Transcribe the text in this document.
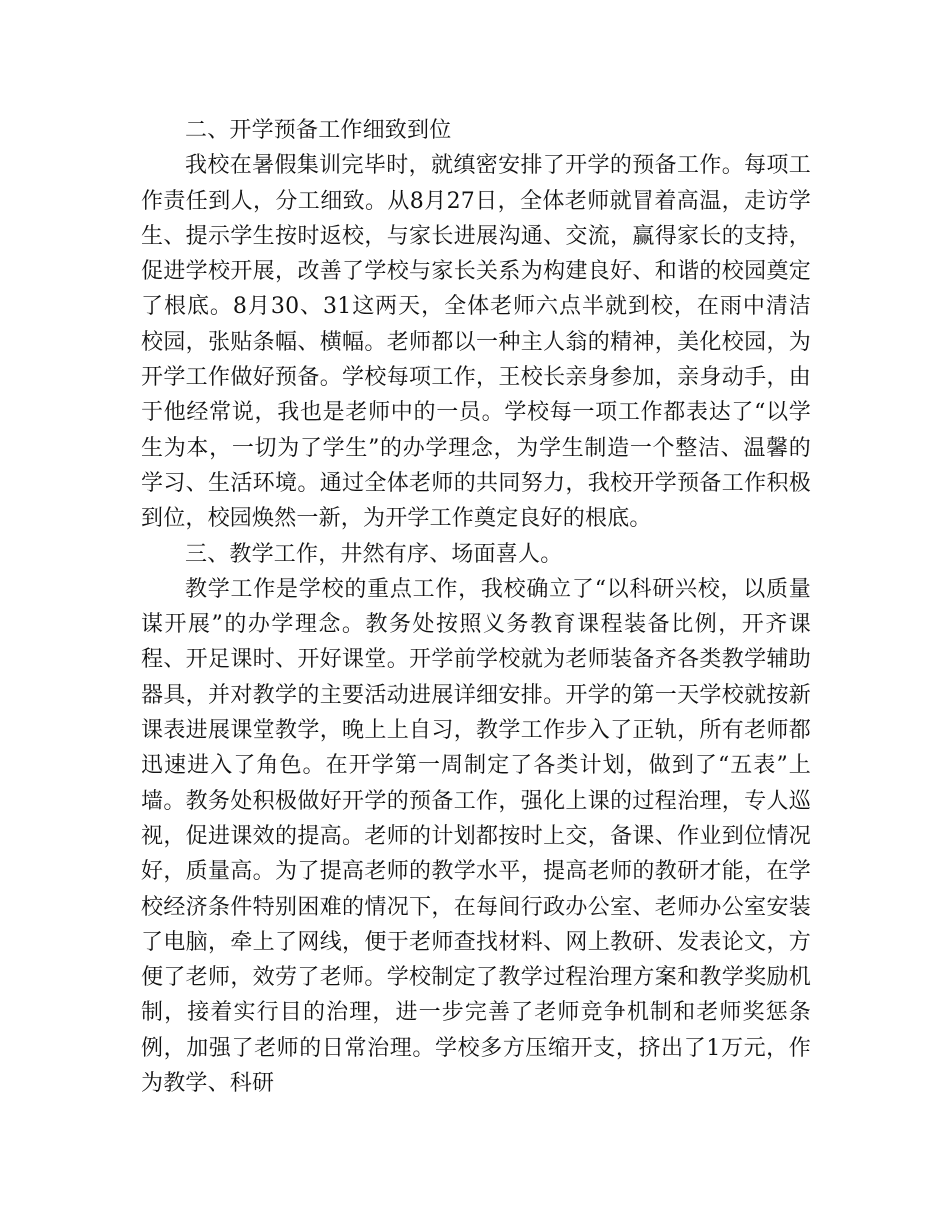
二、开学预备工作细致到位

我校在暑假集训完毕时，就缜密安排了开学的预备工作。每项工作责任到人，分工细致。从8月27日，全体老师就冒着高温，走访学生、提示学生按时返校，与家长进展沟通、交流，赢得家长的支持，促进学校开展，改善了学校与家长关系为构建良好、和谐的校园奠定了根底。8月30、31这两天，全体老师六点半就到校，在雨中清洁校园，张贴条幅、横幅。老师都以一种主人翁的精神，美化校园，为开学工作做好预备。学校每项工作，王校长亲身参加，亲身动手，由于他经常说，我也是老师中的一员。学校每一项工作都表达了“以学生为本，一切为了学生”的办学理念，为学生制造一个整洁、温馨的学习、生活环境。通过全体老师的共同努力，我校开学预备工作积极到位，校园焕然一新，为开学工作奠定良好的根底。

三、教学工作，井然有序、场面喜人。

教学工作是学校的重点工作，我校确立了“以科研兴校，以质量谋开展”的办学理念。教务处按照义务教育课程装备比例，开齐课程、开足课时、开好课堂。开学前学校就为老师装备齐各类教学辅助器具，并对教学的主要活动进展详细安排。开学的第一天学校就按新课表进展课堂教学，晚上上自习，教学工作步入了正轨，所有老师都迅速进入了角色。在开学第一周制定了各类计划，做到了“五表”上墙。教务处积极做好开学的预备工作，强化上课的过程治理，专人巡视，促进课效的提高。老师的计划都按时上交，备课、作业到位情况好，质量高。为了提高老师的教学水平，提高老师的教研才能，在学校经济条件特别困难的情况下，在每间行政办公室、老师办公室安装了电脑，牵上了网线，便于老师查找材料、网上教研、发表论文，方便了老师，效劳了老师。学校制定了教学过程治理方案和教学奖励机制，接着实行目的治理，进一步完善了老师竞争机制和老师奖惩条例，加强了老师的日常治理。学校多方压缩开支，挤出了1万元，作为教学、科研
